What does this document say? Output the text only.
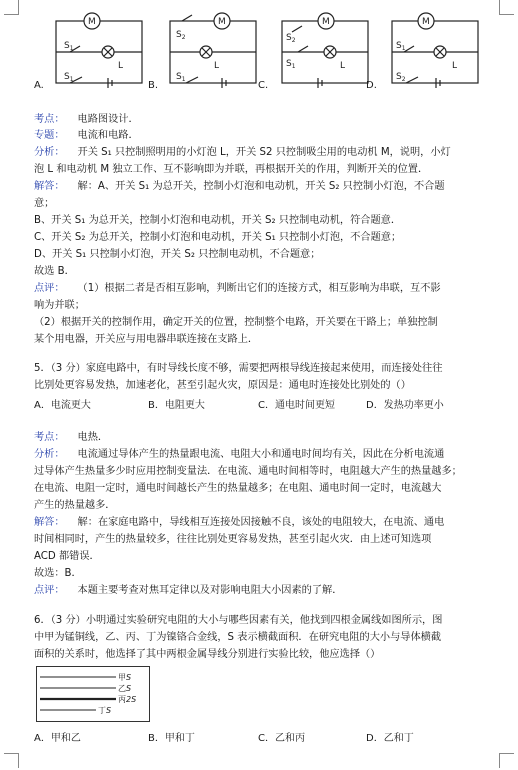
M
L
$S_1$
$S_1$
M
L
$S_2$
$S_1$
M
L
$S_2$
$S_1$
M
L
$S_1$
$S_2$
A.	B.	C.	D.
考点： 电路图设计．
专题： 电流和电路．
分析： 开关 S₁ 只控制照明用的小灯泡 L，开关 S2 只控制吸尘用的电动机 M，说明，小灯
泡 L 和电动机 M 独立工作、互不影响即为并联，再根据开关的作用，判断开关的位置．
解答： 解：A、开关 S₁ 为总开关，控制小灯泡和电动机，开关 S₂ 只控制小灯泡，不合题
意；
B、开关 S₁ 为总开关，控制小灯泡和电动机，开关 S₂ 只控制电动机，符合题意．
C、开关 S₂ 为总开关，控制小灯泡和电动机，开关 S₁ 只控制小灯泡，不合题意；
D、开关 S₁ 只控制小灯泡，开关 S₂ 只控制电动机，不合题意；
故选 B．
点评： （1）根据二者是否相互影响，判断出它们的连接方式，相互影响为串联，互不影
响为并联；
（2）根据开关的控制作用，确定开关的位置，控制整个电路，开关要在干路上；单独控制
某个用电器，开关应与用电器串联连接在支路上．
5．（3 分）家庭电路中，有时导线长度不够，需要把两根导线连接起来使用，而连接处往往
比别处更容易发热，加速老化，甚至引起火灾，原因是：通电时连接处比别处的（）
A．电流更大	B．电阻更大	C．通电时间更短	D．发热功率更小
考点： 电热．
分析： 电流通过导体产生的热量跟电流、电阻大小和通电时间均有关，因此在分析电流通
过导体产生热量多少时应用控制变量法．在电流、通电时间相等时，电阻越大产生的热量越多；
在电流、电阻一定时，通电时间越长产生的热量越多；在电阻、通电时间一定时，电流越大
产生的热量越多．
解答： 解：在家庭电路中，导线相互连接处因接触不良，该处的电阻较大，在电流、通电
时间相同时，产生的热量较多，往往比别处更容易发热，甚至引起火灾．由上述可知选项
ACD 都错误．
故选：B．
点评： 本题主要考查对焦耳定律以及对影响电阻大小因素的了解．
6．（3 分）小明通过实验研究电阻的大小与哪些因素有关，他找到四根金属线如图所示，图
中甲为锰铜线，乙、丙、丁为镍铬合金线，S 表示横截面积．在研究电阻的大小与导体横截
面积的关系时，他选择了其中两根金属导线分别进行实验比较，他应选择（）
甲S
乙S
丙2S
丁S
A．甲和乙	B．甲和丁	C．乙和丙	D．乙和丁
